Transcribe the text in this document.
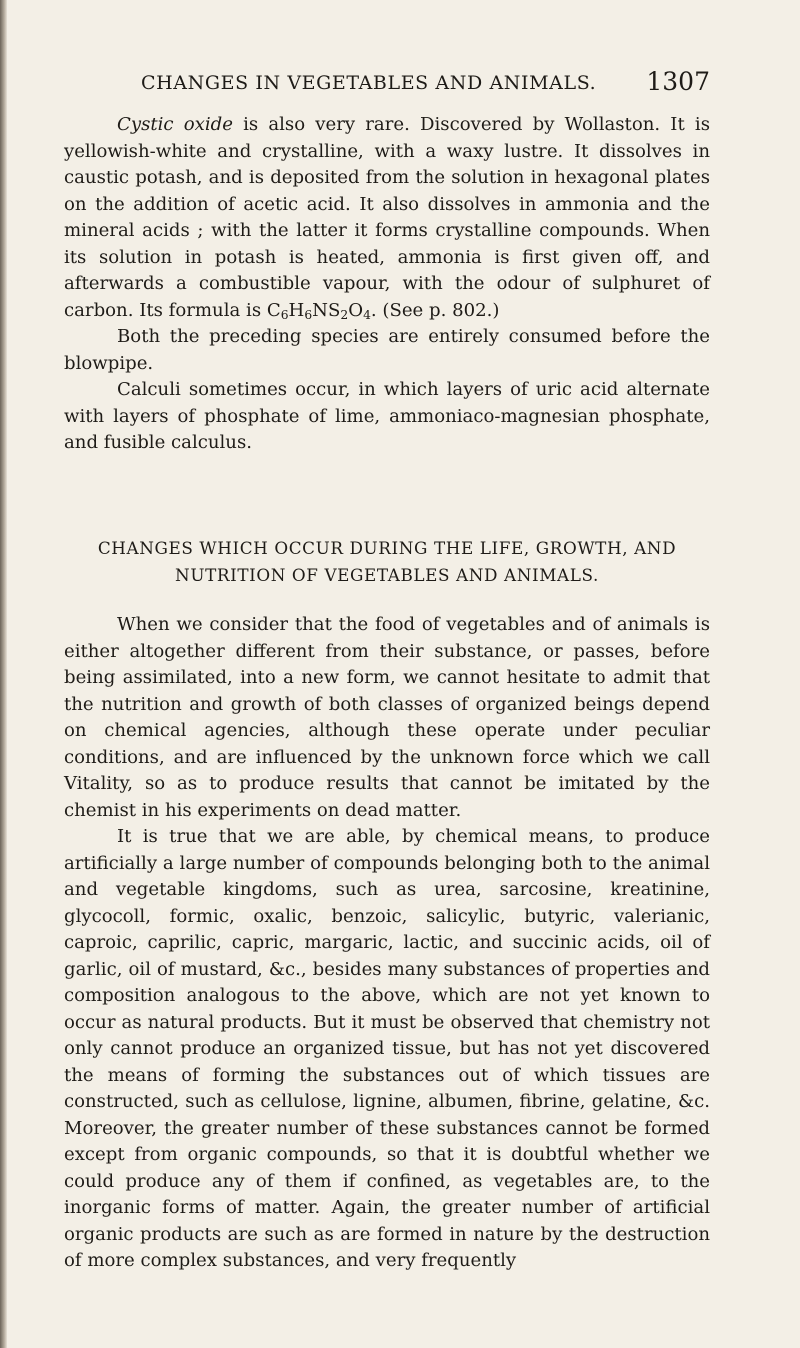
CHANGES IN VEGETABLES AND ANIMALS. 1307

Cystic oxide is also very rare. Discovered by Wollaston. It is yellowish-white and crystalline, with a waxy lustre. It dissolves in caustic potash, and is deposited from the solution in hexagonal plates on the addition of acetic acid. It also dissolves in ammonia and the mineral acids ; with the latter it forms crystalline compounds. When its solution in potash is heated, ammonia is first given off, and afterwards a combustible vapour, with the odour of sulphuret of carbon. Its formula is $C_6H_6NS_2O_4$. (See p. 802.)

Both the preceding species are entirely consumed before the blowpipe.

Calculi sometimes occur, in which layers of uric acid alternate with layers of phosphate of lime, ammoniaco-magnesian phosphate, and fusible calculus.

CHANGES WHICH OCCUR DURING THE LIFE, GROWTH, AND
NUTRITION OF VEGETABLES AND ANIMALS.

When we consider that the food of vegetables and of animals is either altogether different from their substance, or passes, before being assimilated, into a new form, we cannot hesitate to admit that the nutrition and growth of both classes of organized beings depend on chemical agencies, although these operate under peculiar conditions, and are influenced by the unknown force which we call Vitality, so as to produce results that cannot be imitated by the chemist in his experiments on dead matter.

It is true that we are able, by chemical means, to produce artificially a large number of compounds belonging both to the animal and vegetable kingdoms, such as urea, sarcosine, kreatinine, glycocoll, formic, oxalic, benzoic, salicylic, butyric, valerianic, caproic, caprilic, capric, margaric, lactic, and succinic acids, oil of garlic, oil of mustard, &c., besides many substances of properties and composition analogous to the above, which are not yet known to occur as natural products. But it must be observed that chemistry not only cannot produce an organized tissue, but has not yet discovered the means of forming the substances out of which tissues are constructed, such as cellulose, lignine, albumen, fibrine, gelatine, &c. Moreover, the greater number of these substances cannot be formed except from organic compounds, so that it is doubtful whether we could produce any of them if confined, as vegetables are, to the inorganic forms of matter. Again, the greater number of artificial organic products are such as are formed in nature by the destruction of more complex substances, and very frequently
